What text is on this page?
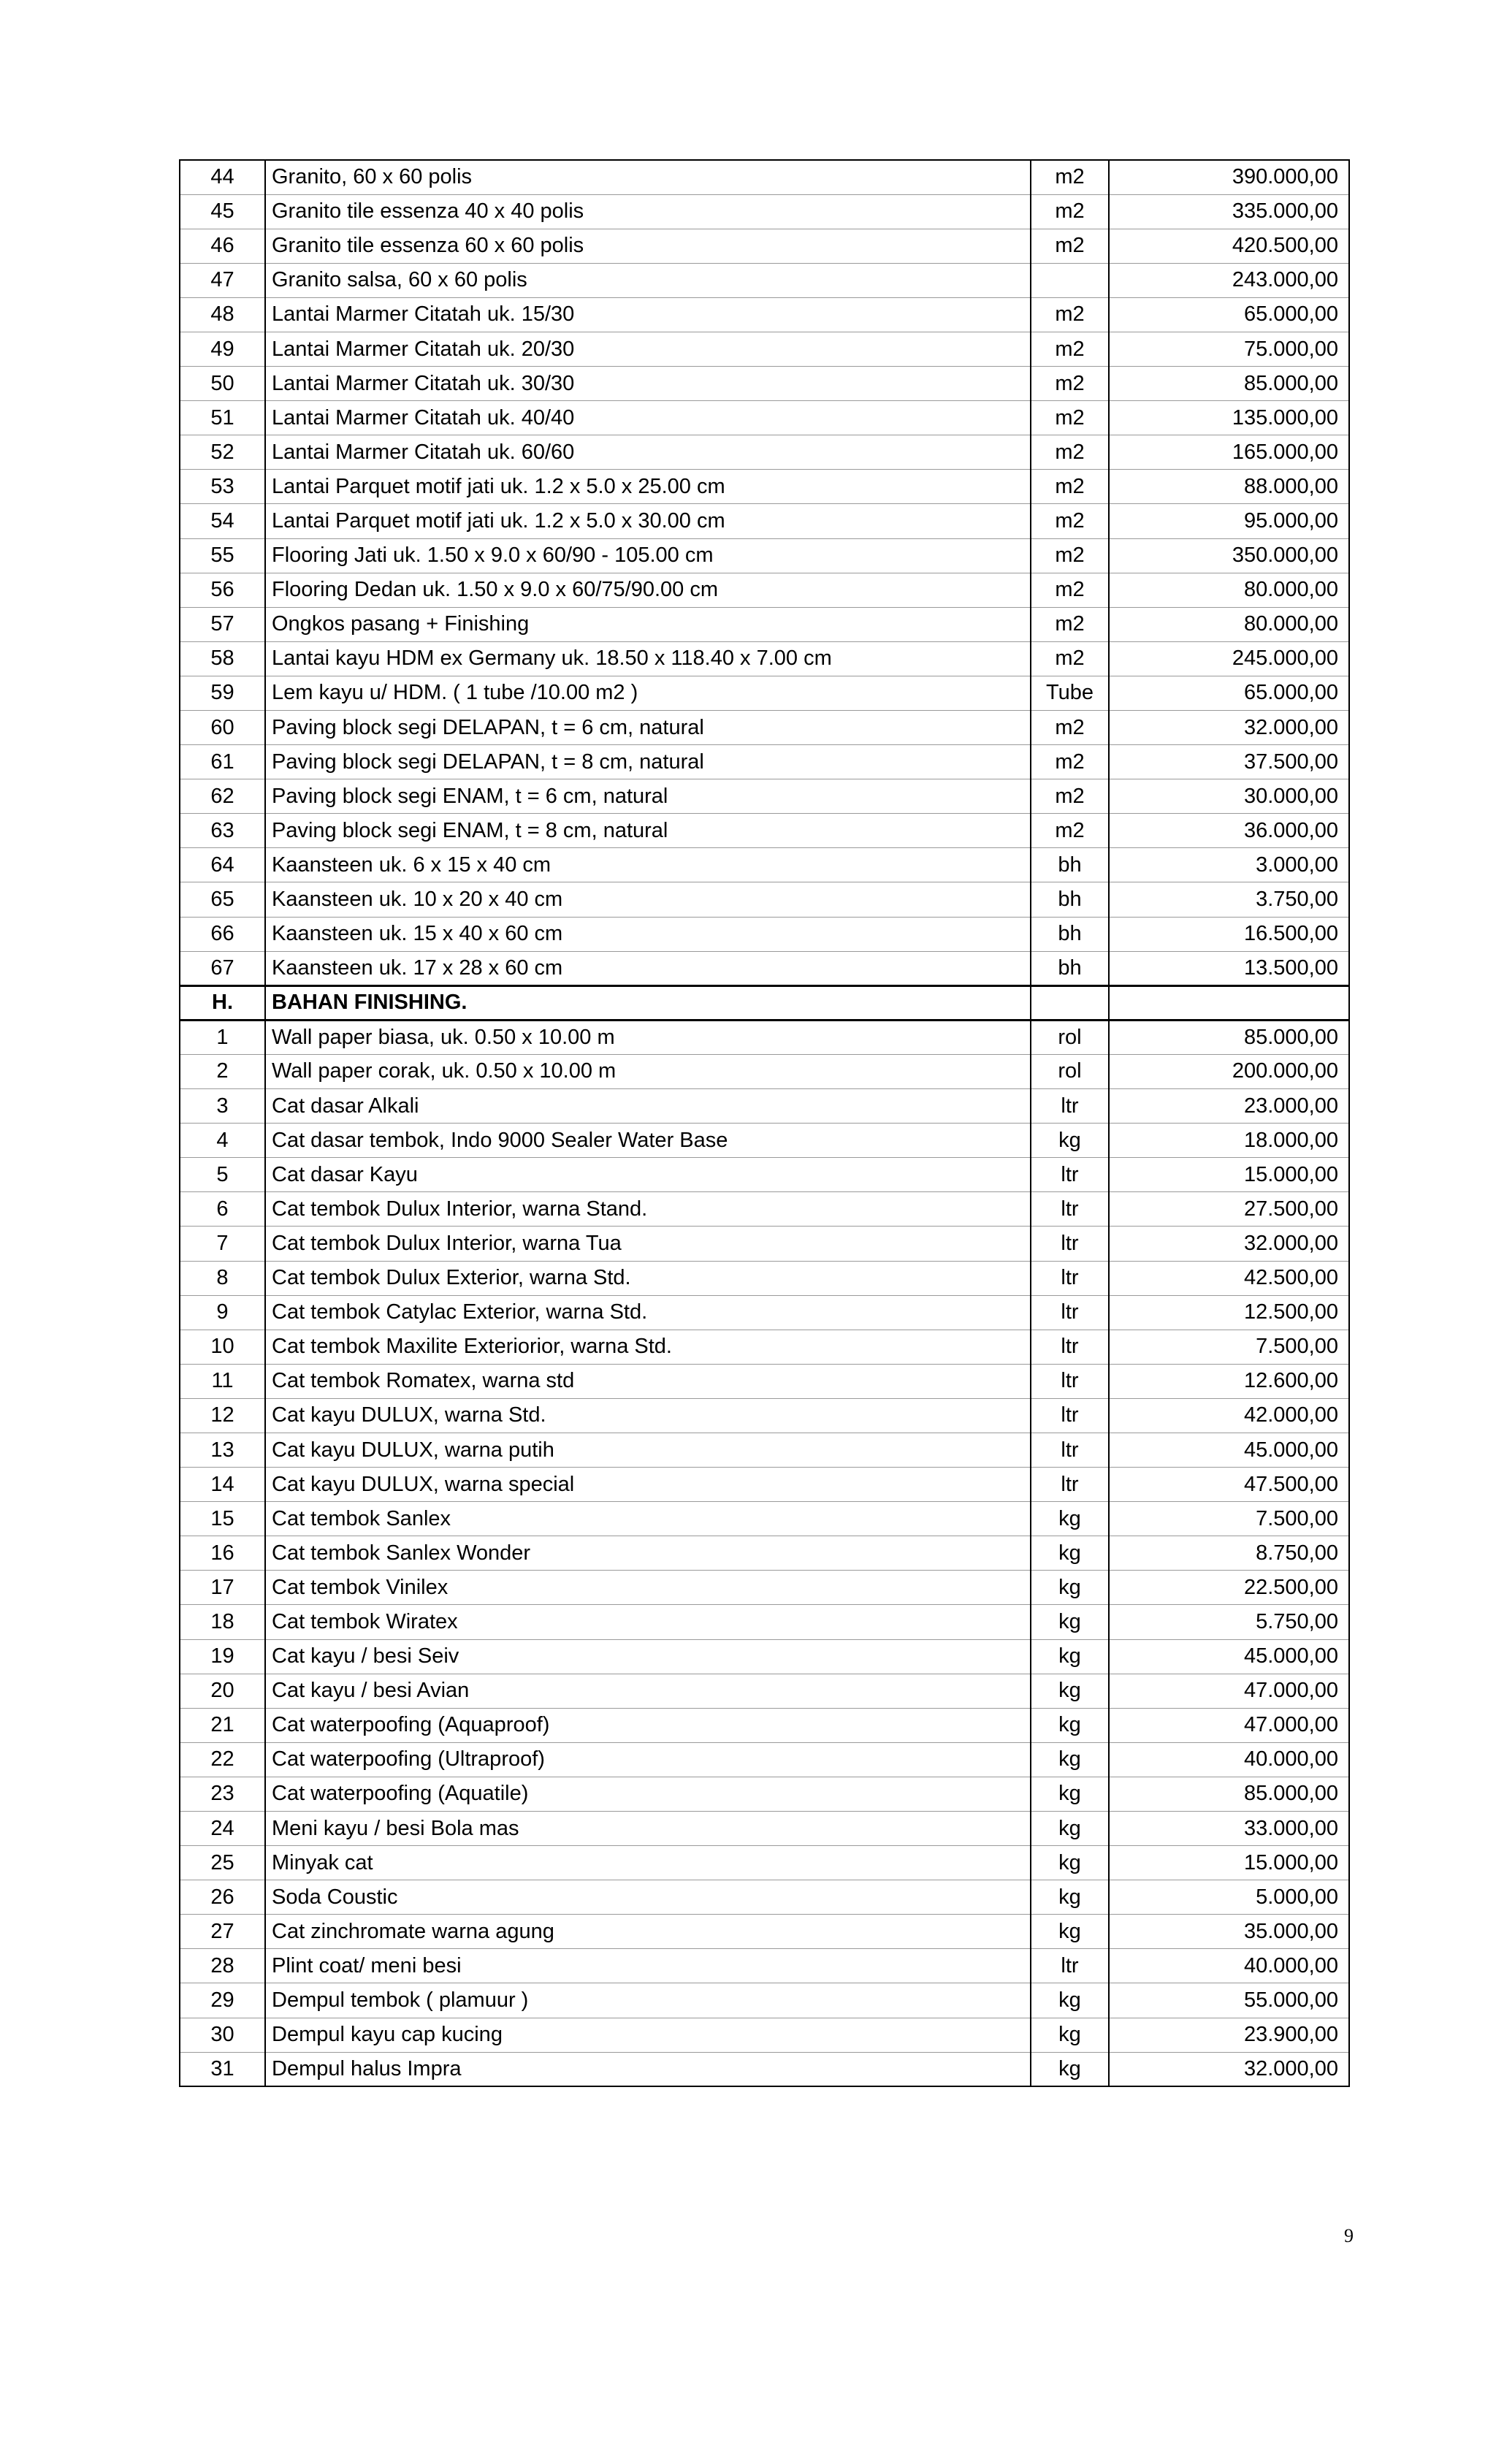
44	Granito, 60 x 60 polis	m2	390.000,00
45	Granito tile essenza 40 x 40 polis	m2	335.000,00
46	Granito tile essenza 60 x 60 polis	m2	420.500,00
47	Granito salsa, 60 x 60 polis		243.000,00
48	Lantai Marmer Citatah uk. 15/30	m2	65.000,00
49	Lantai Marmer Citatah uk. 20/30	m2	75.000,00
50	Lantai Marmer Citatah uk. 30/30	m2	85.000,00
51	Lantai Marmer Citatah uk. 40/40	m2	135.000,00
52	Lantai Marmer Citatah uk. 60/60	m2	165.000,00
53	Lantai Parquet motif jati uk. 1.2 x 5.0 x 25.00 cm	m2	88.000,00
54	Lantai Parquet motif jati uk. 1.2 x 5.0 x 30.00 cm	m2	95.000,00
55	Flooring Jati uk. 1.50 x 9.0 x 60/90 - 105.00 cm	m2	350.000,00
56	Flooring Dedan uk. 1.50 x 9.0 x 60/75/90.00 cm	m2	80.000,00
57	Ongkos pasang + Finishing	m2	80.000,00
58	Lantai kayu HDM ex Germany uk. 18.50 x 118.40 x 7.00 cm	m2	245.000,00
59	Lem kayu u/ HDM. ( 1 tube /10.00 m2 )	Tube	65.000,00
60	Paving block segi DELAPAN, t = 6 cm, natural	m2	32.000,00
61	Paving block segi DELAPAN, t = 8 cm, natural	m2	37.500,00
62	Paving block segi ENAM, t = 6 cm, natural	m2	30.000,00
63	Paving block segi ENAM, t = 8 cm, natural	m2	36.000,00
64	Kaansteen uk. 6 x 15 x 40 cm	bh	3.000,00
65	Kaansteen uk. 10 x 20 x 40 cm	bh	3.750,00
66	Kaansteen uk. 15 x 40 x 60 cm	bh	16.500,00
67	Kaansteen uk. 17 x 28 x 60 cm	bh	13.500,00
H.	BAHAN FINISHING.		
1	Wall paper biasa, uk. 0.50 x 10.00 m	rol	85.000,00
2	Wall paper corak, uk. 0.50 x 10.00 m	rol	200.000,00
3	Cat dasar Alkali	ltr	23.000,00
4	Cat dasar tembok, Indo 9000 Sealer Water Base	kg	18.000,00
5	Cat dasar Kayu	ltr	15.000,00
6	Cat tembok Dulux Interior, warna Stand.	ltr	27.500,00
7	Cat tembok Dulux Interior, warna Tua	ltr	32.000,00
8	Cat tembok Dulux Exterior, warna Std.	ltr	42.500,00
9	Cat tembok Catylac Exterior, warna Std.	ltr	12.500,00
10	Cat tembok Maxilite Exteriorior, warna Std.	ltr	7.500,00
11	Cat tembok Romatex, warna std	ltr	12.600,00
12	Cat kayu DULUX, warna Std.	ltr	42.000,00
13	Cat kayu DULUX, warna putih	ltr	45.000,00
14	Cat kayu DULUX, warna special	ltr	47.500,00
15	Cat tembok Sanlex	kg	7.500,00
16	Cat tembok Sanlex Wonder	kg	8.750,00
17	Cat tembok Vinilex	kg	22.500,00
18	Cat tembok Wiratex	kg	5.750,00
19	Cat kayu / besi Seiv	kg	45.000,00
20	Cat kayu / besi Avian	kg	47.000,00
21	Cat waterpoofing (Aquaproof)	kg	47.000,00
22	Cat waterpoofing (Ultraproof)	kg	40.000,00
23	Cat waterpoofing (Aquatile)	kg	85.000,00
24	Meni kayu / besi Bola mas	kg	33.000,00
25	Minyak cat	kg	15.000,00
26	Soda Coustic	kg	5.000,00
27	Cat zinchromate warna agung	kg	35.000,00
28	Plint coat/ meni besi	ltr	40.000,00
29	Dempul tembok ( plamuur )	kg	55.000,00
30	Dempul kayu cap kucing	kg	23.900,00
31	Dempul halus Impra	kg	32.000,00
9
